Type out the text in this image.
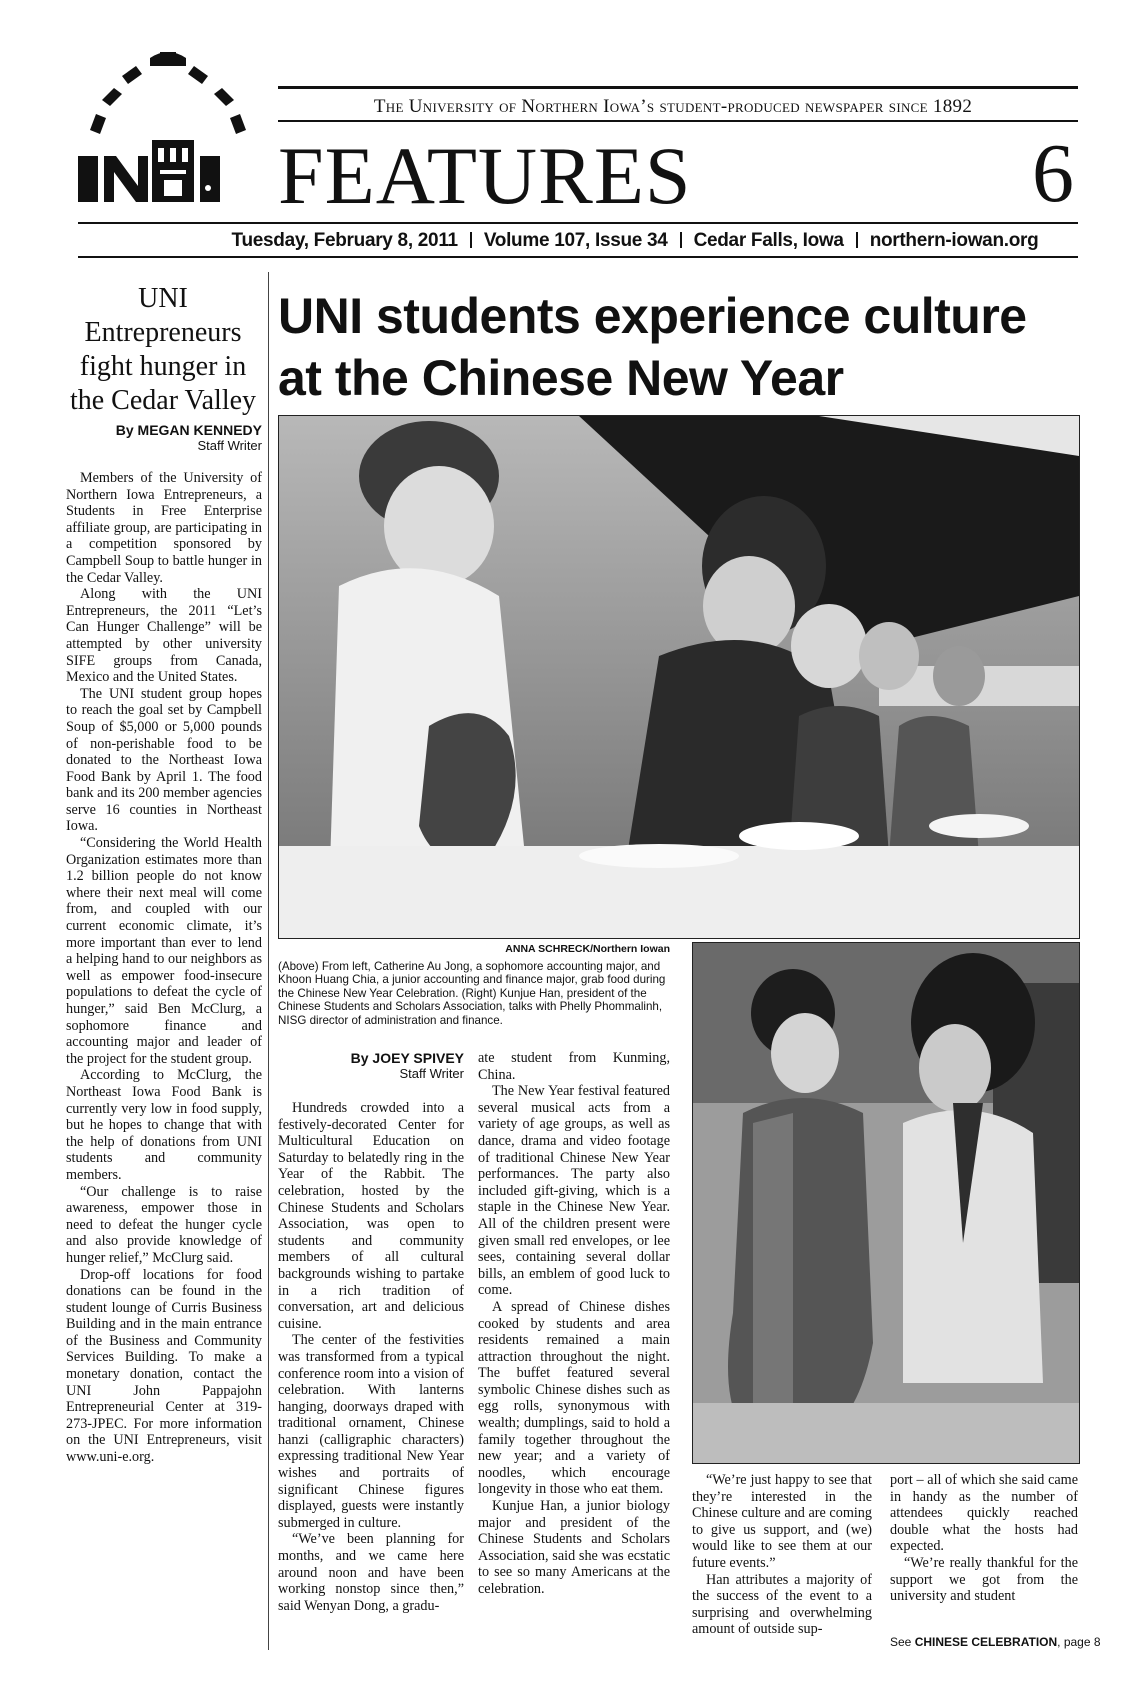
The University of Northern Iowa’s student-produced newspaper since 1892
FEATURES	6
Tuesday, February 8, 2011 Volume 107, Issue 34 Cedar Falls, Iowa northern-iowan.org
UNI Entrepreneurs fight hunger in the Cedar Valley
By MEGAN KENNEDY
Staff Writer

Members of the University of Northern Iowa Entrepreneurs, a Students in Free Enterprise affiliate group, are participating in a competition sponsored by Campbell Soup to battle hunger in the Cedar Valley.

Along with the UNI Entrepreneurs, the 2011 “Let’s Can Hunger Challenge” will be attempted by other university SIFE groups from Canada, Mexico and the United States.

The UNI student group hopes to reach the goal set by Campbell Soup of $5,000 or 5,000 pounds of non-perishable food to be donated to the Northeast Iowa Food Bank by April 1. The food bank and its 200 member agencies serve 16 counties in Northeast Iowa.

“Considering the World Health Organization estimates more than 1.2 billion people do not know where their next meal will come from, and coupled with our current economic climate, it’s more important than ever to lend a helping hand to our neighbors as well as empower food-insecure populations to defeat the cycle of hunger,” said Ben McClurg, a sophomore finance and accounting major and leader of the project for the student group.

According to McClurg, the Northeast Iowa Food Bank is currently very low in food supply, but he hopes to change that with the help of donations from UNI students and community members.

“Our challenge is to raise awareness, empower those in need to defeat the hunger cycle and also provide knowledge of hunger relief,” McClurg said.

Drop-off locations for food donations can be found in the student lounge of Curris Business Building and in the main entrance of the Business and Community Services Building. To make a monetary donation, contact the UNI John Pappajohn Entrepreneurial Center at 319-273-JPEC. For more information on the UNI Entrepreneurs, visit www.uni-e.org.

UNI students experience culture at the Chinese New Year
ANNA SCHRECK/Northern Iowan
(Above) From left, Catherine Au Jong, a sophomore accounting major, and Khoon Huang Chia, a junior accounting and finance major, grab food during the Chinese New Year Celebration. (Right) Kunjue Han, president of the Chinese Students and Scholars Association, talks with Phelly Phommalinh, NISG director of administration and finance.
By JOEY SPIVEY
Staff Writer

Hundreds crowded into a festively-decorated Center for Multicultural Education on Saturday to belatedly ring in the Year of the Rabbit. The celebration, hosted by the Chinese Students and Scholars Association, was open to students and community members of all cultural backgrounds wishing to partake in a rich tradition of conversation, art and delicious cuisine.

The center of the festivities was transformed from a typical conference room into a vision of celebration. With lanterns hanging, doorways draped with traditional ornament, Chinese hanzi (calligraphic characters) expressing traditional New Year wishes and portraits of significant Chinese figures displayed, guests were instantly submerged in culture.

“We’ve been planning for months, and we came here around noon and have been working nonstop since then,” said Wenyan Dong, a gradu-

ate student from Kunming, China.

The New Year festival featured several musical acts from a variety of age groups, as well as dance, drama and video footage of traditional Chinese New Year performances. The party also included gift-giving, which is a staple in the Chinese New Year. All of the children present were given small red envelopes, or lee sees, containing several dollar bills, an emblem of good luck to come.

A spread of Chinese dishes cooked by students and area residents remained a main attraction throughout the night. The buffet featured several symbolic Chinese dishes such as egg rolls, synonymous with wealth; dumplings, said to hold a family together throughout the new year; and a variety of noodles, which encourage longevity in those who eat them.

Kunjue Han, a junior biology major and president of the Chinese Students and Scholars Association, said she was ecstatic to see so many Americans at the celebration.

“We’re just happy to see that they’re interested in the Chinese culture and are coming to give us support, and (we) would like to see them at our future events.”

Han attributes a majority of the success of the event to a surprising and overwhelming amount of outside sup-

port – all of which she said came in handy as the number of attendees quickly reached double what the hosts had expected.

“We’re really thankful for the support we got from the university and student

See CHINESE CELEBRATION, page 8
